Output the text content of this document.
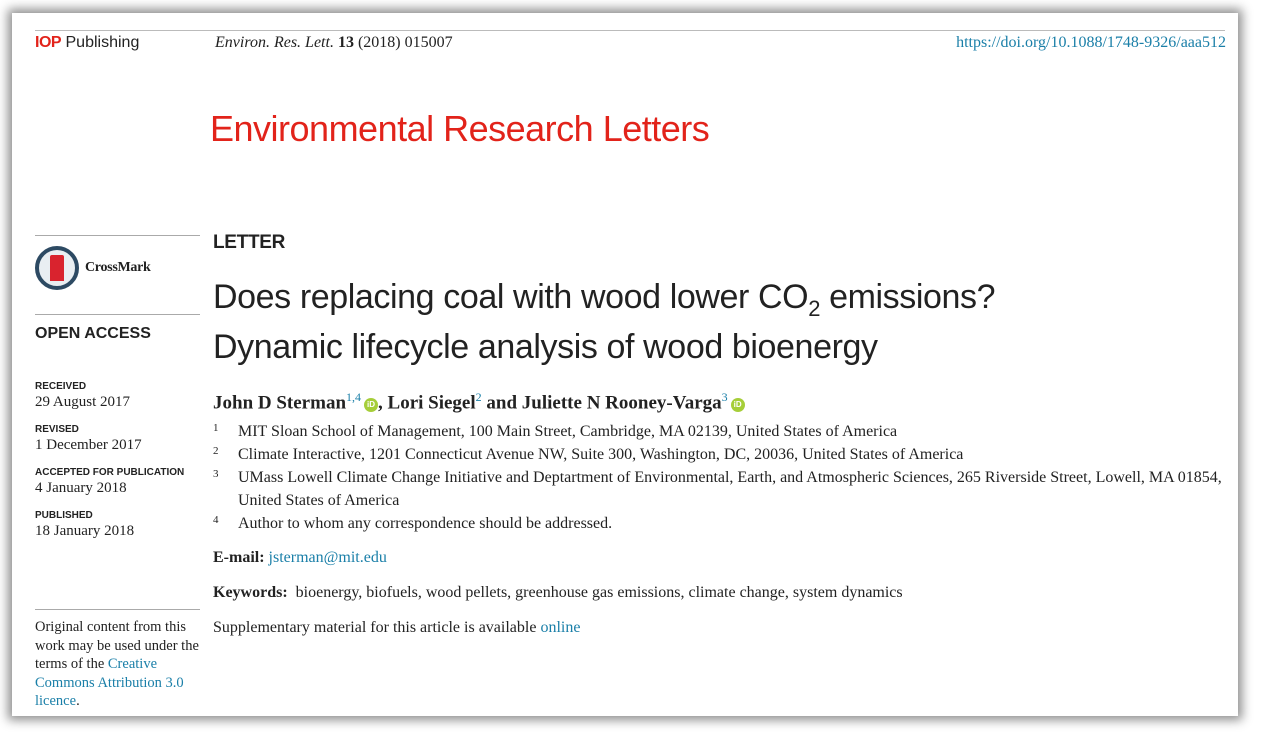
IOP Publishing	Environ. Res. Lett. 13 (2018) 015007	https://doi.org/10.1088/1748-9326/aaa512
Environmental Research Letters
CrossMark
OPEN ACCESS
RECEIVED
29 August 2017
REVISED
1 December 2017
ACCEPTED FOR PUBLICATION
4 January 2018
PUBLISHED
18 January 2018
Original content from this work may be used under the terms of the Creative Commons Attribution 3.0 licence.
LETTER
Does replacing coal with wood lower $CO_2$ emissions?
Dynamic lifecycle analysis of wood bioenergy
John D Sterman$^{1,4}$iD , Lori Siegel$^2$ and Juliette N Rooney-Varga$^3$iD
1	MIT Sloan School of Management, 100 Main Street, Cambridge, MA 02139, United States of America
2	Climate Interactive, 1201 Connecticut Avenue NW, Suite 300, Washington, DC, 20036, United States of America
3	UMass Lowell Climate Change Initiative and Deptartment of Environmental, Earth, and Atmospheric Sciences, 265 Riverside Street, Lowell, MA 01854, United States of America
4	Author to whom any correspondence should be addressed.
E-mail: jsterman@mit.edu
Keywords: bioenergy, biofuels, wood pellets, greenhouse gas emissions, climate change, system dynamics
Supplementary material for this article is available online
